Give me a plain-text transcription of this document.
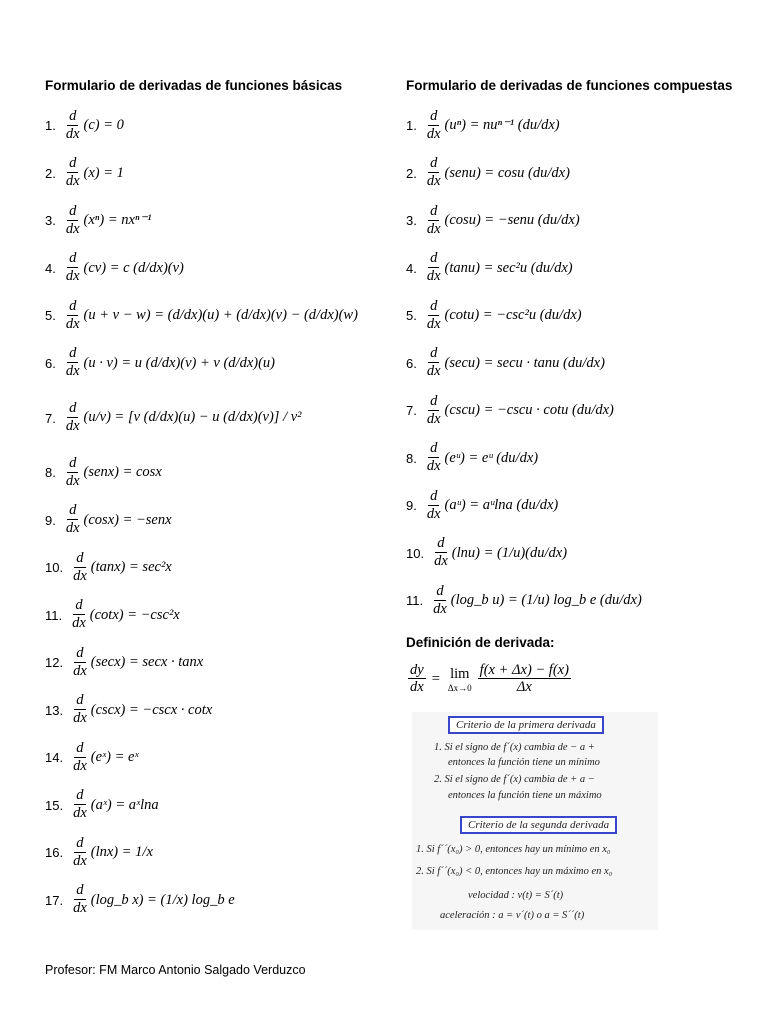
Formulario de derivadas de funciones básicas
1. $\frac{d}{dx} (c)$
= 0
2. $\frac{d}{dx} (x)$
= 1
3. $\frac{d}{dx} (x^n)$
= nxⁿ⁻¹
4. $\frac{d}{dx} (cv)$
= c (d/dx)(v)
5. $\frac{d}{dx} (u + v - w)$
= (d/dx)(u) + (d/dx)(v) − (d/dx)(w)
6. $\frac{d}{dx} (u \cdot v)$
= u (d/dx)(v) + v (d/dx)(u)
7. $\frac{d}{dx} (u/v)$
= [v (d/dx)(u) − u (d/dx)(v)] / v²
8. $\frac{d}{dx}$ (senx)
= cosx
9. $\frac{d}{dx} (\cos x)$
= −senx
10. $\frac{d}{dx} (\tan x)$
= sec²x
11. $\frac{d}{dx} (\cot x)$
= −csc²x
12. $\frac{d}{dx} (\sec x)$
= secx · tanx
13. $\frac{d}{dx} (\csc x)$
= −cscx · cotx
14. $\frac{d}{dx}$ (eˣ)
= eˣ
15. $\frac{d}{dx}$ (aˣ)
= aˣlna
16. $\frac{d}{dx} (\ln x)$
= 1/x
17. $\frac{d}{dx}$ (log_b x)
= (1/x) log_b e
Formulario de derivadas de funciones compuestas
1. $\frac{d}{dx} (u^n)$
= nuⁿ⁻¹ (du/dx)
2. $\frac{d}{dx}$ (senu)
= cosu (du/dx)
3. $\frac{d}{dx} (\cos u)$
= −senu (du/dx)
4. $\frac{d}{dx} (\tan u)$
= sec²u (du/dx)
5. $\frac{d}{dx} (\cot u)$
= −csc²u (du/dx)
6. $\frac{d}{dx} (\sec u)$
= secu · tanu (du/dx)
7. $\frac{d}{dx} (\csc u)$
= −cscu · cotu (du/dx)
8. $\frac{d}{dx}$ (eᵘ)
= eᵘ (du/dx)
9. $\frac{d}{dx}$ (aᵘ)
= aᵘlna (du/dx)
10. $\frac{d}{dx} (\ln u)$
= (1/u)(du/dx)
11. $\frac{d}{dx}$ (log_b u)
= (1/u) log_b e (du/dx)
Definición de derivada:
$\frac{dy}{dx} = \lim$
$\Delta x\to 0 \frac{f(x + \Delta x) - f(x)}{\Delta x}$
Criterio de la primera derivada
1. Si el signo de f´(x) cambia de − a +
entonces la función tiene un mínimo
2. Si el signo de f´(x) cambia de + a −
entonces la función tiene un máximo
Criterio de la segunda derivada
1. Si f´´(x₀) > 0, entonces hay un mínimo en x₀
2. Si f´´(x₀) < 0, entonces hay un máximo en x₀
velocidad : v(t) = S´(t)
aceleración : a = v´(t) o a = S´´(t)
Profesor: FM Marco Antonio Salgado Verduzco
